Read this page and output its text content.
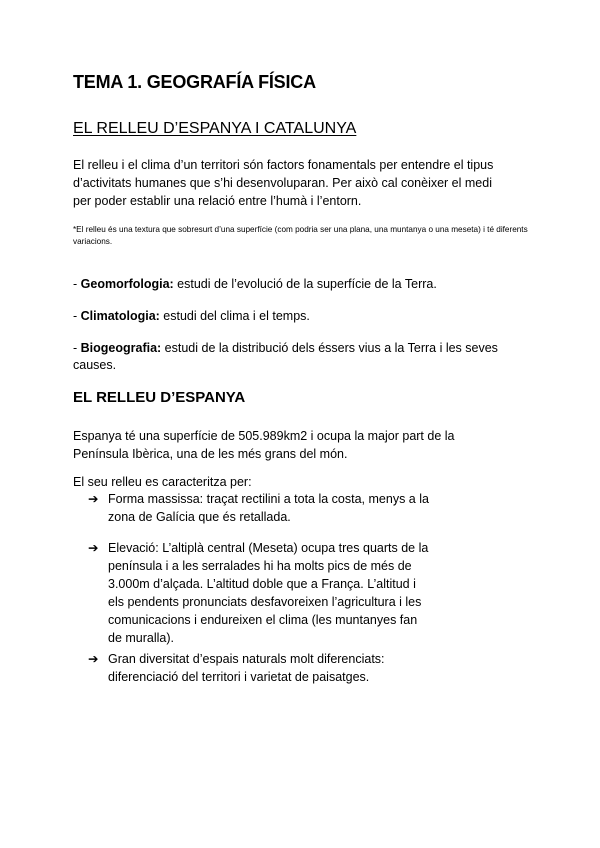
TEMA 1. GEOGRAFÍA FÍSICA
EL RELLEU D’ESPANYA I CATALUNYA
El relleu i el clima d’un territori són factors fonamentals per entendre el tipus d’activitats humanes que s’hi desenvoluparan. Per això cal conèixer el medi per poder establir una relació entre l’humà i l’entorn.
*El relleu és una textura que sobresurt d’una superfície (com podria ser una plana, una muntanya o una meseta) i té diferents variacions.
- Geomorfologia: estudi de l’evolució de la superfície de la Terra.
- Climatologia: estudi del clima i el temps.
- Biogeografia: estudi de la distribució dels éssers vius a la Terra i les seves causes.
EL RELLEU D’ESPANYA
Espanya té una superfície de 505.989km2 i ocupa la major part de la Península Ibèrica, una de les més grans del món.
El seu relleu es caracteritza per:
➔ Forma massissa: traçat rectilini a tota la costa, menys a la zona de Galícia que és retallada.
➔ Elevació: L’altiplà central (Meseta) ocupa tres quarts de la península i a les serralades hi ha molts pics de més de 3.000m d’alçada. L’altitud doble que a França. L’altitud i els pendents pronunciats desfavoreixen l’agricultura i les comunicacions i endureixen el clima (les muntanyes fan de muralla).
➔ Gran diversitat d’espais naturals molt diferenciats: diferenciació del territori i varietat de paisatges.
